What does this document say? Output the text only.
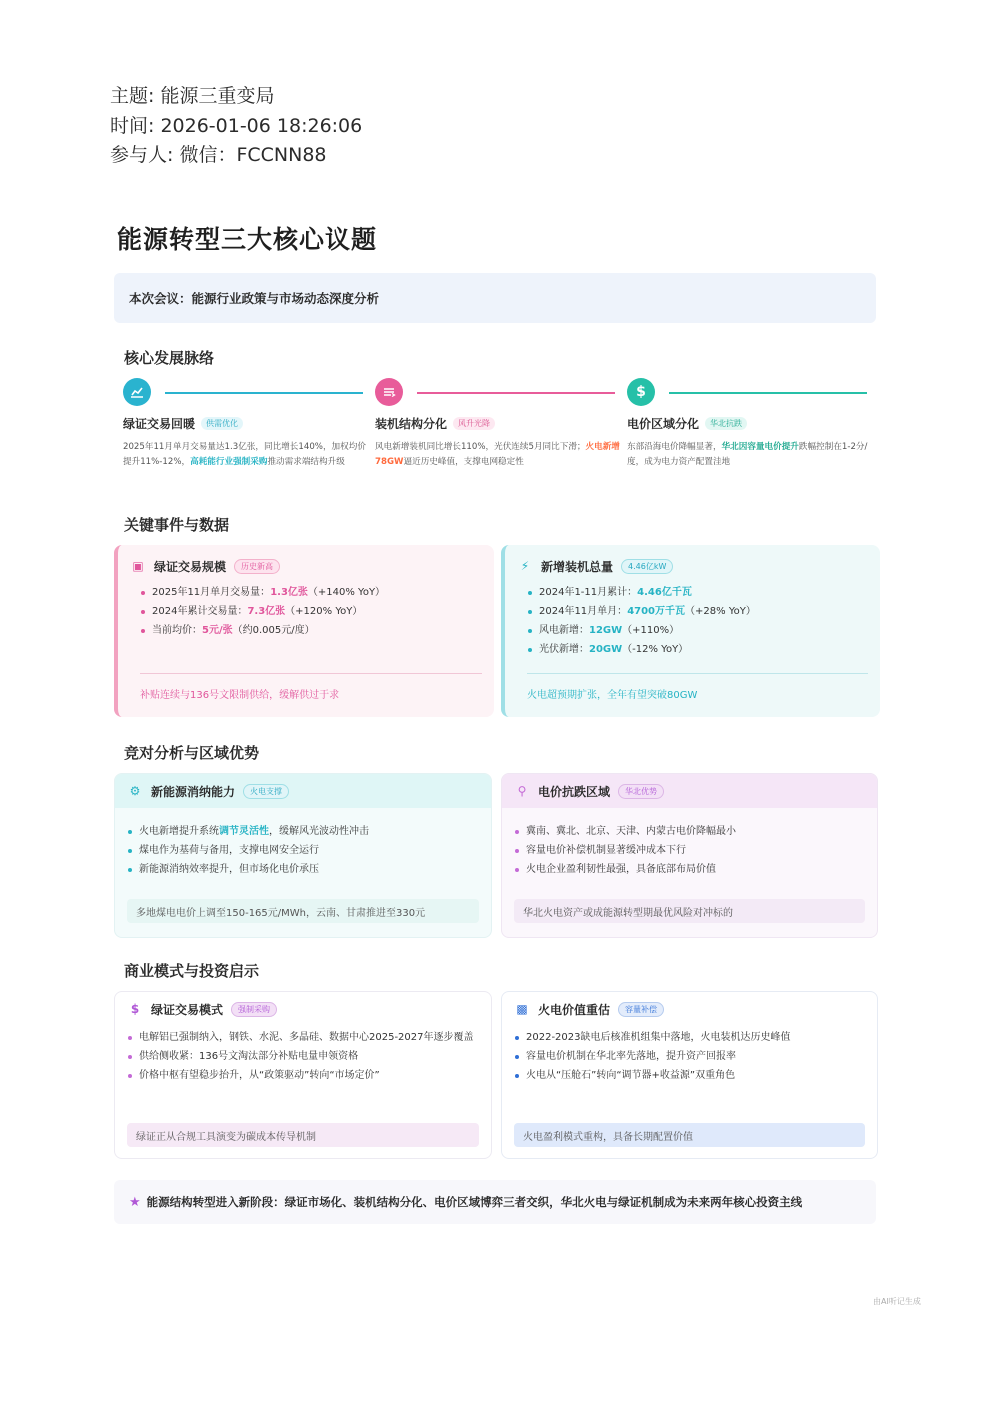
主题: 能源三重变局
时间: 2026-01-06 18:26:06
参与人: 微信：FCCNN88
能源转型三大核心议题
本次会议：能源行业政策与市场动态深度分析
核心发展脉络
绿证交易回暖	供需优化
2025年11月单月交易量达1.3亿张，同比增长140%，加权均价提升11%-12%，高耗能行业强制采购推动需求端结构升级
装机结构分化	风升光降
风电新增装机同比增长110%，光伏连续5月同比下滑；火电新增78GW逼近历史峰值，支撑电网稳定性
$
电价区域分化	华北抗跌
东部沿海电价降幅显著，华北因容量电价提升跌幅控制在1-2分/度，成为电力资产配置洼地
关键事件与数据
▣ 绿证交易规模	历史新高
2025年11月单月交易量：1.3亿张（+140% YoY）
2024年累计交易量：7.3亿张（+120% YoY）
当前均价：5元/张（约0.005元/度）
补贴连续与136号文限制供给，缓解供过于求
⚡ 新增装机总量	4.46亿kW
2024年1-11月累计：4.46亿千瓦
2024年11月单月：4700万千瓦（+28% YoY）
风电新增：12GW（+110%）
光伏新增：20GW（-12% YoY）
火电超预期扩张，全年有望突破80GW
竞对分析与区域优势
⚙ 新能源消纳能力	火电支撑
火电新增提升系统调节灵活性，缓解风光波动性冲击
煤电作为基荷与备用，支撑电网安全运行
新能源消纳效率提升，但市场化电价承压
多地煤电电价上调至150-165元/MWh，云南、甘肃推进至330元
⚲ 电价抗跌区域	华北优势
冀南、冀北、北京、天津、内蒙古电价降幅最小
容量电价补偿机制显著缓冲成本下行
火电企业盈利韧性最强，具备底部布局价值
华北火电资产或成能源转型期最优风险对冲标的
商业模式与投资启示
$ 绿证交易模式	强制采购
电解铝已强制纳入，钢铁、水泥、多晶硅、数据中心2025-2027年逐步覆盖
供给侧收紧：136号文淘汰部分补贴电量申领资格
价格中枢有望稳步抬升，从“政策驱动”转向“市场定价”
绿证正从合规工具演变为碳成本传导机制
▩ 火电价值重估	容量补偿
2022-2023缺电后核准机组集中落地，火电装机达历史峰值
容量电价机制在华北率先落地，提升资产回报率
火电从“压舱石”转向“调节器+收益源”双重角色
火电盈利模式重构，具备长期配置价值
★ 能源结构转型进入新阶段：绿证市场化、装机结构分化、电价区域博弈三者交织，华北火电与绿证机制成为未来两年核心投资主线
由AI听记生成
